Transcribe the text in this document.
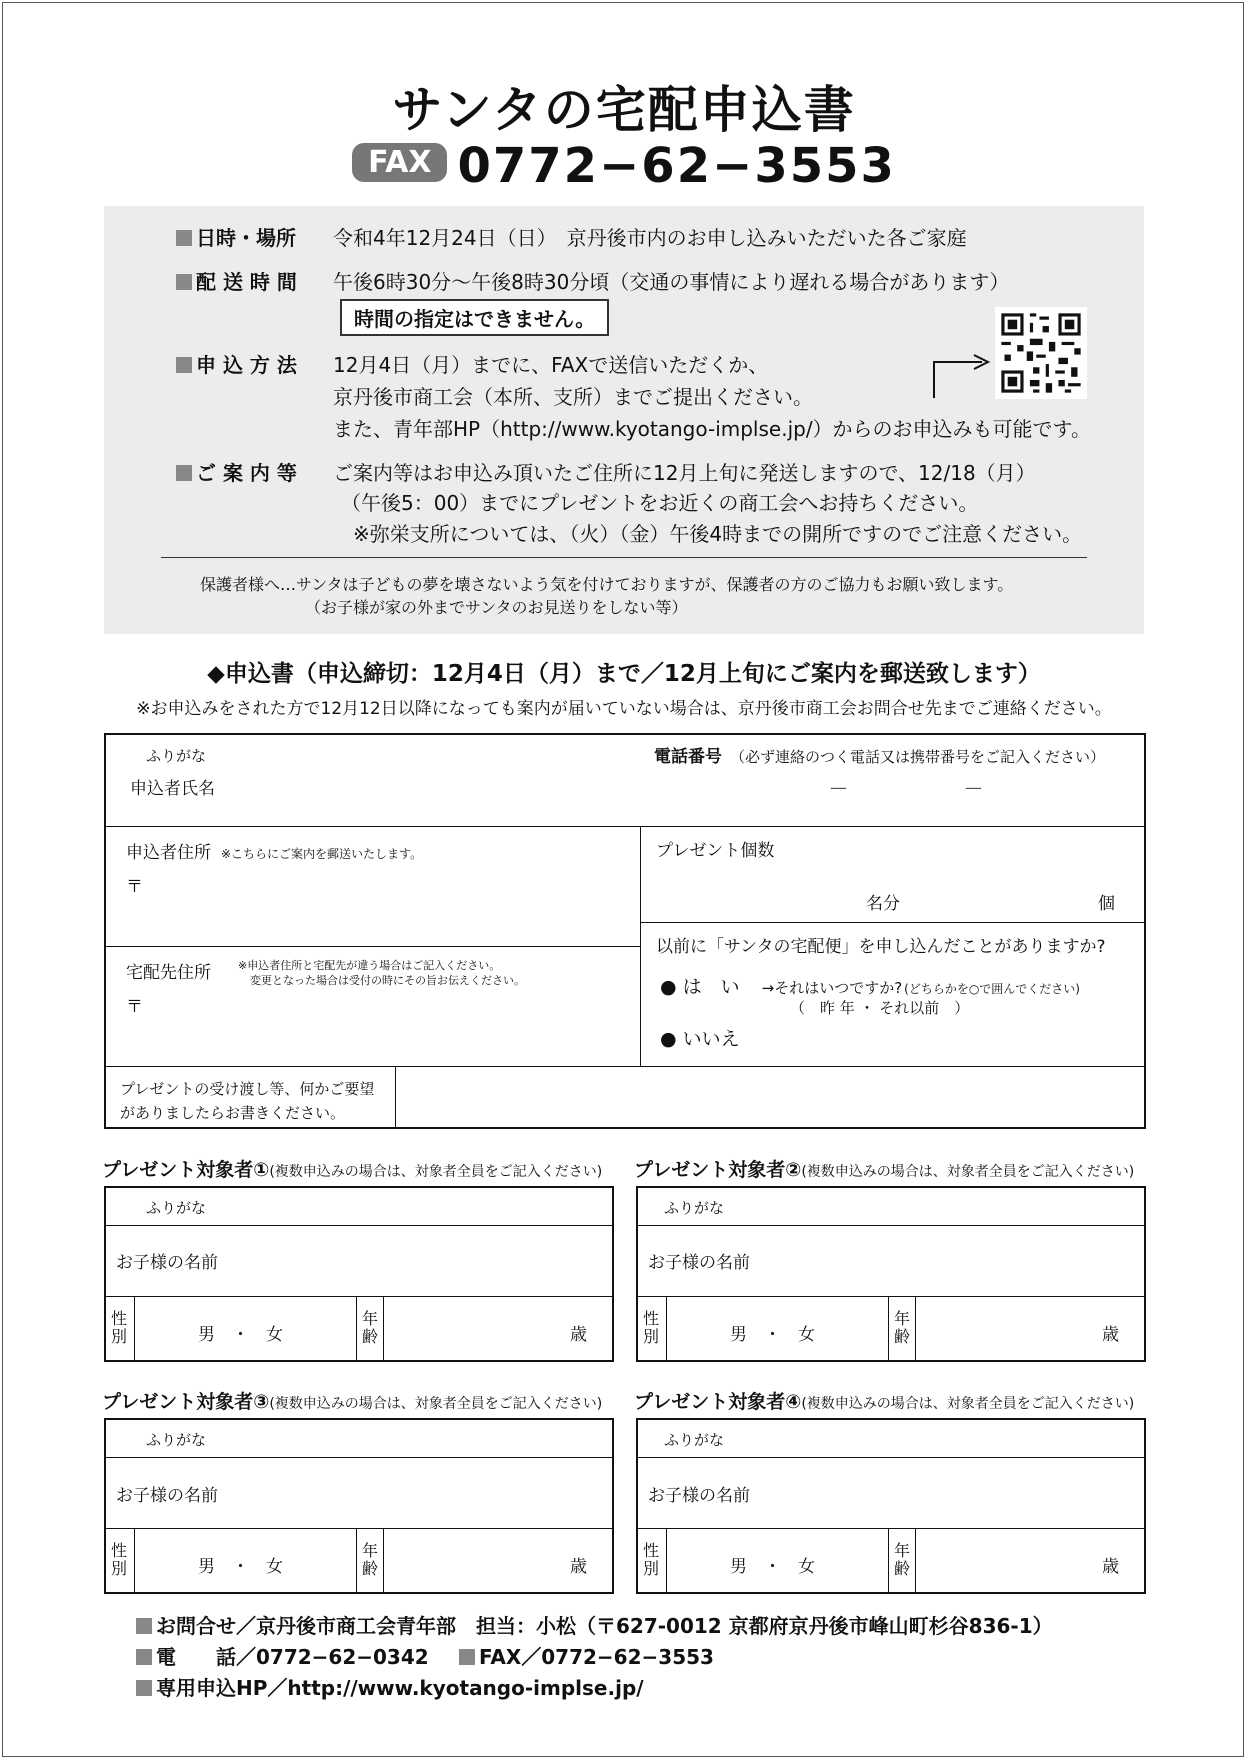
サンタの宅配申込書
FAX 0772−62−3553
日時・場所 令和4年12月24日（日）　京丹後市内のお申し込みいただいた各ご家庭
配 送 時 間 午後6時30分〜午後8時30分頃（交通の事情により遅れる場合があります）
時間の指定はできません。
申 込 方 法 12月4日（月）までに、FAXで送信いただくか、
京丹後市商工会（本所、支所）までご提出ください。
また、青年部HP（http://www.kyotango-implse.jp/）からのお申込みも可能です。
ご 案 内 等 ご案内等はお申込み頂いたご住所に12月上旬に発送しますので、12/18（月）
（午後5：00）までにプレゼントをお近くの商工会へお持ちください。
※弥栄支所については、（火）（金）午後4時までの開所ですのでご注意ください。
保護者様へ…サンタは子どもの夢を壊さないよう気を付けておりますが、保護者の方のご協力もお願い致します。
（お子様が家の外までサンタのお見送りをしない等）
◆申込書（申込締切：12月4日（月）まで／12月上旬にご案内を郵送致します）
※お申込みをされた方で12月12日以降になっても案内が届いていない場合は、京丹後市商工会お問合せ先までご連絡ください。
ふりがな
申込者氏名
電話番号 （必ず連絡のつく電話又は携帯番号をご記入ください）
—	—
申込者住所 ※こちらにご案内を郵送いたします。
〒
プレゼント個数
名分	個
宅配先住所 ※申込者住所と宅配先が違う場合はご記入ください。
変更となった場合は受付の時にその旨お伝えください。
〒
以前に「サンタの宅配便」を申し込んだことがありますか?
● は　い →それはいつですか? (どちらかを○で囲んでください)
（　昨 年 ・ それ以前　）
● いいえ
プレゼントの受け渡し等、何かご要望
がありましたらお書きください。
プレゼント対象者①(複数申込みの場合は、対象者全員をご記入ください)
ふりがな
お子様の名前
性
別	男　・　女
年
齢	歳
プレゼント対象者②(複数申込みの場合は、対象者全員をご記入ください)
ふりがな
お子様の名前
性
別	男　・　女
年
齢	歳
プレゼント対象者③(複数申込みの場合は、対象者全員をご記入ください)
ふりがな
お子様の名前
性
別	男　・　女
年
齢	歳
プレゼント対象者④(複数申込みの場合は、対象者全員をご記入ください)
ふりがな
お子様の名前
性
別	男　・　女
年
齢	歳
お問合せ／京丹後市商工会青年部　担当：小松（〒627-0012 京都府京丹後市峰山町杉谷836-1）
電　　話／0772−62−0342	FAX／0772−62−3553
専用申込HP／http://www.kyotango-implse.jp/
